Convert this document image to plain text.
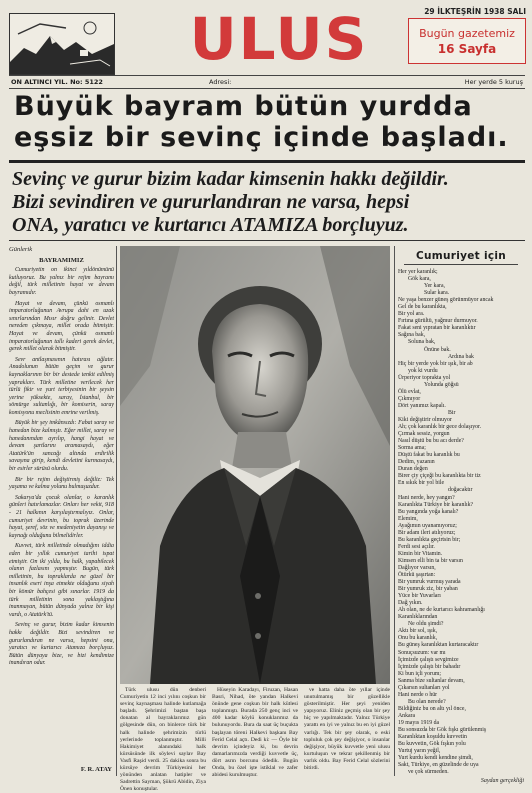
ULUS	29 İLKTEŞRİN 1938 SALI
Bugün gazetemiz
16 Sayfa
ON ALTINCI YIL. No: 5122	Adresi:	Her yerde 5 kuruş
Büyük bayram bütün yurdda
eşsiz bir sevinç içinde başladı.
Sevinç ve gurur bizim kadar kimsenin hakkı değildir.
Bizi sevindiren ve gururlandıran ne varsa, hepsi
ONA, yaratıcı ve kurtarıcı ATAMIZA borçluyuz.
Günlerik
BAYRAMIMIZ

Cumuriyetin on ikinci yıldönümünü kutluyoruz. Bu yalnız bir rejim bayramı değil, türk milletinin hayat ve devam bayramıdır.

Hayat ve devam, çünkü osmanlı imparatorluğunun Avrupa dahi en uzak sınırlarından Mısır doğru gelinir. Devlet nereden çıkmaya, millet orada bitmiştir. Hayat ve devam, çünkü osmanlı imparatorluğunun tallı kaderi gerek devlet, gerek millet olarak bitmiştir.

Sevr antlaşmasının hatırası ağlatır. Anadolunun bütün geçim ve gurur kaynaklarının bir bir destede tenkit edilmiş yaprakları. Türk milletine verilecek her türlü fikir ve yurt terbiyesinin bir şeysin yerine yüksekte, saray, İstanbul, bir sömürge sultanlığı, bir komiserin, saray komisyonu meclisinin emrine verilmiş.

Büyük bir şey imkânsızdı: Fabat saray ve hanedan bize kalmıştı. Eğer millet, saray ve hanedanından ayrılıp, hangi hayat ve devam şartlarını aramasaydı, eğer Atatürk'ün sancağı altında erdirilik savaşına girip, kendi devletini kurmasaydı, bir esirler sürüsü olurdu.

Bir bir rejim değiştirmiş değiliz: Tek yaşama ve kalma yolunu bulmuşuzdur.

Sakarya'da çocuk olanlar, o karanlık günleri hatırlamazlar. Onları her vekit, 918 - 21 halkının karşılaştırmalıyız. Onlar, cumuriyet devrinin, bu toprak üzerinde hayat, şeref, söz ve medeniyetin dayanışı ve kaynağı olduğunu bilmelidirler.

Kuvvet, türk milletinde olmadığını iddia eden bir yıllık cumuriyet tarihi ispat etmiştir. On iki yılda, bu halk, yapabilecek olanın fazlasını yapmıştır. Bugün, türk milletinin, bu topraklarda ne güzel bir insanlık eseri inşa etmekte olduğunu siyah bir kömür bahçesi gibi sınarlar. 1919 da türk milletinin sona yaklaştığına inanmayan, bütün dünyada yalnız bir kişi vardı, o Atatürk'tü.

Sevinç ve gurur, bizim kadar kimsenin hakkı değildir. Bizi sevindiren ve gururlandıran ne varsa, hepsini ona, yaratıcı ve kurtarıcı Atamıza borçluyuz. Bütün dünyaya bize, ve bizi kendimize inandıran odur.

F. R. ATAY

Türk ulusu dün denberi Cumuriyetin 12 inci yılını coşkun bir sevinç kaynaşması halinde kutlamağa başladı. Şehrimizi baştan başa donatan al bayraklarımız gün gölgesinde dün, on binlerce türk bir halk halinde şehrimizin türlü yerlerinde toplanmıştır. Milli Hakimiyet alanındaki halk kürsüsünde ilk söylevi saylav Bay Vasfi Raşid verdi. 25 dakika sonra bu kürsüye devrim Türkiyesini her yönünden anlatan hatipler ve Sadrettin Sayman, Şükrü Abidin, Ziya Önen konuştular.

Hüseyin Karadayı, Firuzan, Hasan Basri, Nihad, öte yandan Halkevi önünde gene coşkun bir halk kütlesi toplanmıştı. Burada 250 genç inci ve 400 kadar köylü konuklarımız da bulunuyordu. Bura da saat üç buçukta başlayan töreni Halkevi başkanı Bay Ferid Celal açtı. Dedi ki: — Öyle bir devrim içindeyiz ki, bu devrin damarlarımızda verdiği kuvvetle üç, dört asrın borcunu ödedik. Bugün Onda, bu özel işte istiklal ve zafer abidesi kurulmuştur.

ve hatta daha öte yıllar içinde unutulmamış bir güzellikle gösterilmiştir. Her şeyi yeniden yapıyoruz. Eliniz geçmiş olan bir şey hiç ve yapılmaktadır. Yalnız Türkiye yarattı en iyi ve yalnız bu en iyi güzel varlığı. Tek bir şey olarak, o eski topluluk çok şey değişiyor, o insanlar değişiyor, büyük kuvvetle yeni ulusu kurtuluşun ve tekrar şekillenmiş bir varlık oldu. Bay Ferid Celal sözlerini bitirdi.

Cumuriyet için
Her yer karanlık;
Gök kara,
Yer kara,
Sular kara.
Ne yaşa benzer güneş görünmüyor ancak
Gel de bu karanlıkta,
Bir yol ara.
Fırtına gürültü, yağmur durmuyor.
Fakat seni yıpratan bir karanlıktır
Sağına bak,
Soluna bak,
Önüne bak.
Ardına bak
Hiç bir yerde yok bir ışık, bir ab
yok ki vurdu
Ürperiyor toprakta yol
Yolunda göğsü
Ölü evlat,
Çıkmıyor
Dört yanımız kapalı.
Bir
Kiki değiştirir olmuyor
Ah; çok karanlık bir gece dolaşıyor.
Çırmak sessiz, yorgun
Nasıl düştü bu bu acı derde?
Sorma ama;
Düştü fakat bu karanlık bu
Dedim, yazanın
Duran değen
Birer çiy çiçeği bu karanlıkta bir tiz
En sıkık bir yol bile
doğacaktır
Hani nerde, hey yangın?
Karanlıkta Türkiye bir karanlık?
Bu yangında yoğa kanalı?
Elemim,
Ayağımın uyanamıyoruz;
Bir adam ileri atılıyoruz;
Bu karanlıkta geçirtsin bir;
Ferdi sesi açılır.
Kimin bir Vitamin.
Kimsen elli bin ta bir varsın
Dağlıyor varsın,
Ötürkü şaşırtan:
Bir yumruk vurmuş yarada
Bir yumruk ziz, bir yaban
Yüce bir Yuvarları
Dağ yıkın.
Ah olan, ne de kurtarıcı kahramanlığı
Karanlıklarından
Ne oldu şimdi?
Aktı bir sol, ışık,
Onu bu karanlık,
Bu güneş karanlıktan kurtaracaktır
Sonuçsuzum: var mı
İçimizde çalıştı sevgimize
İçimizde çalıştı bir bahadır
Ki bun içli yorum;
Sanma bize sultanlar devam,
Çıkarsın sultanları yol
Hani nerde o hür
Bu olan nerede?
Bildiğiniz bu on altı yıl önce,
Ankara
19 mayıs 1919 da
Bu sonsuzda bir Gök fışkı gürülenmiş
Karanlıktan koşuldu kuvvetin
Bu kuvvetin, Gök fışkın yolu
Yurtuj yarın yeğil,
Yurt kurdu kendi kendine şimdi,
Sakt, Türkiye, en güzelinde de uya
ve çok sürmeden.
Saydan gerçekliği
